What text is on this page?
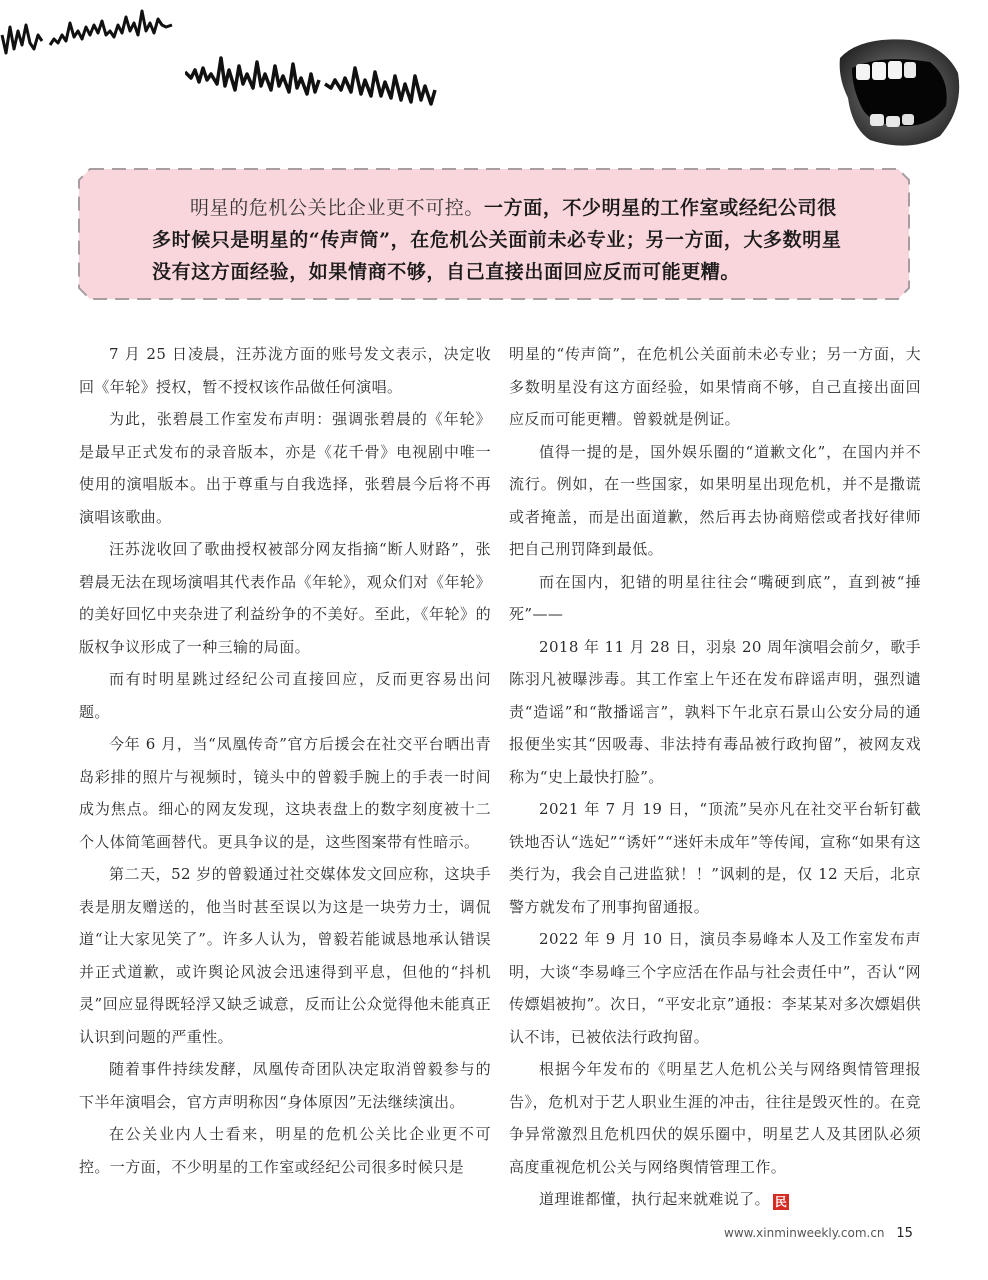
明星的危机公关比企业更不可控。一方面，不少明星的工作室或经纪公司很多时候只是明星的“传声筒”，在危机公关面前未必专业；另一方面，大多数明星没有这方面经验，如果情商不够，自己直接出面回应反而可能更糟。

7 月 25 日凌晨，汪苏泷方面的账号发文表示，决定收回《年轮》授权，暂不授权该作品做任何演唱。

为此，张碧晨工作室发布声明：强调张碧晨的《年轮》是最早正式发布的录音版本，亦是《花千骨》电视剧中唯一使用的演唱版本。出于尊重与自我选择，张碧晨今后将不再演唱该歌曲。

汪苏泷收回了歌曲授权被部分网友指摘“断人财路”，张碧晨无法在现场演唱其代表作品《年轮》，观众们对《年轮》的美好回忆中夹杂进了利益纷争的不美好。至此，《年轮》的版权争议形成了一种三输的局面。

而有时明星跳过经纪公司直接回应，反而更容易出问题。

今年 6 月，当“凤凰传奇”官方后援会在社交平台晒出青岛彩排的照片与视频时，镜头中的曾毅手腕上的手表一时间成为焦点。细心的网友发现，这块表盘上的数字刻度被十二个人体简笔画替代。更具争议的是，这些图案带有性暗示。

第二天，52 岁的曾毅通过社交媒体发文回应称，这块手表是朋友赠送的，他当时甚至误以为这是一块劳力士，调侃道“让大家见笑了”。许多人认为，曾毅若能诚恳地承认错误并正式道歉，或许舆论风波会迅速得到平息，但他的“抖机灵”回应显得既轻浮又缺乏诚意，反而让公众觉得他未能真正认识到问题的严重性。

随着事件持续发酵，凤凰传奇团队决定取消曾毅参与的下半年演唱会，官方声明称因“身体原因”无法继续演出。

在公关业内人士看来，明星的危机公关比企业更不可控。一方面，不少明星的工作室或经纪公司很多时候只是

明星的“传声筒”，在危机公关面前未必专业；另一方面，大多数明星没有这方面经验，如果情商不够，自己直接出面回应反而可能更糟。曾毅就是例证。

值得一提的是，国外娱乐圈的“道歉文化”，在国内并不流行。例如，在一些国家，如果明星出现危机，并不是撒谎或者掩盖，而是出面道歉，然后再去协商赔偿或者找好律师把自己刑罚降到最低。

而在国内，犯错的明星往往会“嘴硬到底”，直到被“捶死”——

2018 年 11 月 28 日，羽泉 20 周年演唱会前夕，歌手陈羽凡被曝涉毒。其工作室上午还在发布辟谣声明，强烈谴责“造谣”和“散播谣言”，孰料下午北京石景山公安分局的通报便坐实其“因吸毒、非法持有毒品被行政拘留”，被网友戏称为“史上最快打脸”。

2021 年 7 月 19 日，“顶流”吴亦凡在社交平台斩钉截铁地否认“选妃”“诱奸”“迷奸未成年”等传闻，宣称“如果有这类行为，我会自己进监狱！！”讽刺的是，仅 12 天后，北京警方就发布了刑事拘留通报。

2022 年 9 月 10 日，演员李易峰本人及工作室发布声明，大谈“李易峰三个字应活在作品与社会责任中”，否认“网传嫖娼被拘”。次日，“平安北京”通报：李某某对多次嫖娼供认不讳，已被依法行政拘留。

根据今年发布的《明星艺人危机公关与网络舆情管理报告》，危机对于艺人职业生涯的冲击，往往是毁灭性的。在竞争异常激烈且危机四伏的娱乐圈中，明星艺人及其团队必须高度重视危机公关与网络舆情管理工作。

道理谁都懂，执行起来就难说了。 民

www.xinminweekly.com.cn 15
